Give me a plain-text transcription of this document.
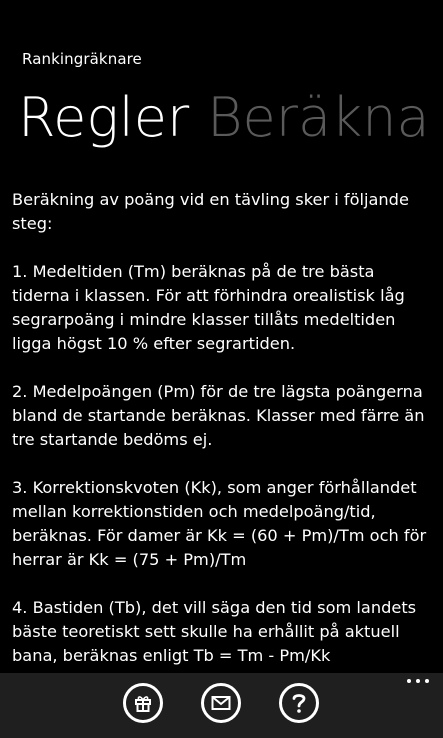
Rankingräknare
Regler Beräkna

Beräkning av poäng vid en tävling sker i följande steg:

1. Medeltiden (Tm) beräknas på de tre bästa tiderna i klassen. För att förhindra orealistisk låg segrarpoäng i mindre klasser tillåts medeltiden ligga högst 10 % efter segrartiden.

2. Medelpoängen (Pm) för de tre lägsta poängerna bland de startande beräknas. Klasser med färre än tre startande bedöms ej.

3. Korrektionskvoten (Kk), som anger förhållandet mellan korrektionstiden och medelpoäng/tid, beräknas. För damer är Kk = (60 + Pm)/Tm och för herrar är Kk = (75 + Pm)/Tm

4. Bastiden (Tb), det vill säga den tid som landets bäste teoretiskt sett skulle ha erhållit på aktuell bana, beräknas enligt Tb = Tm - Pm/Kk
